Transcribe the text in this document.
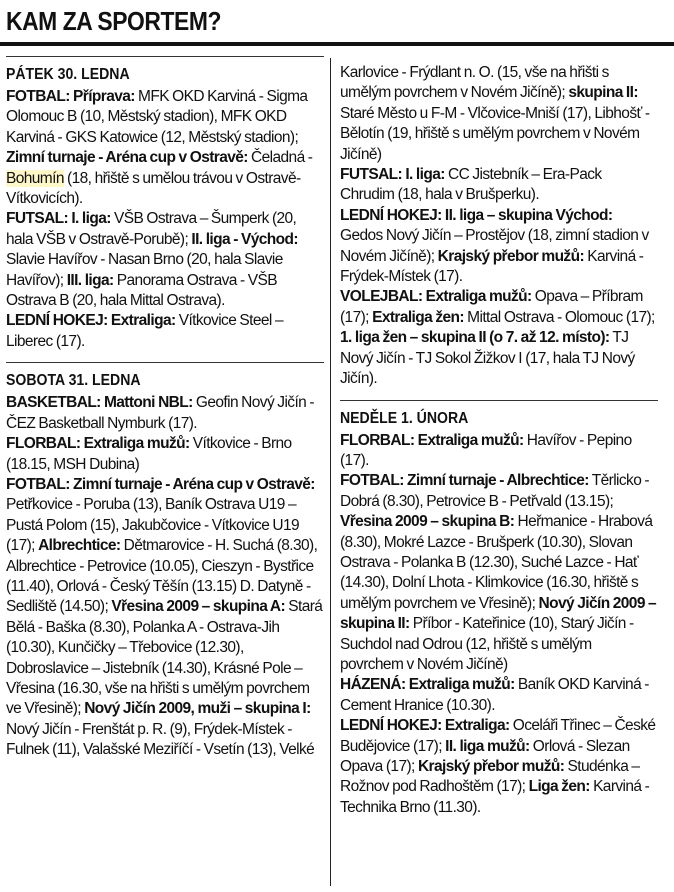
KAM ZA SPORTEM?
PÁTEK 30. LEDNA

FOTBAL: Příprava: MFK OKD Karviná - Sigma Olomouc B (10, Městský stadion), MFK OKD Karviná - GKS Katowice (12, Městský stadion); Zimní turnaje - Aréna cup v Ostravě: Čeladná - Bohumín (18, hřiště s umělou trávou v Ostravě-Vítkovicích).

FUTSAL: I. liga: VŠB Ostrava – Šumperk (20, hala VŠB v Ostravě-Porubě); II. liga - Východ: Slavie Havířov - Nasan Brno (20, hala Slavie Havířov); III. liga: Panorama Ostrava - VŠB Ostrava B (20, hala Mittal Ostrava).

LEDNÍ HOKEJ: Extraliga: Vítkovice Steel – Liberec (17).

SOBOTA 31. LEDNA

BASKETBAL: Mattoni NBL: Geofin Nový Jičín - ČEZ Basketball Nymburk (17).

FLORBAL: Extraliga mužů: Vítkovice - Brno (18.15, MSH Dubina)

FOTBAL: Zimní turnaje - Aréna cup v Ostravě: Petřkovice - Poruba (13), Baník Ostrava U19 – Pustá Polom (15), Jakubčovice - Vítkovice U19 (17); Albrechtice: Dětmarovice - H. Suchá (8.30), Albrechtice - Petrovice (10.05), Cieszyn - Bystřice (11.40), Orlová - Český Těšín (13.15) D. Datyně - Sedliště (14.50); Vřesina 2009 – skupina A: Stará Bělá - Baška (8.30), Polanka A - Ostrava-Jih (10.30), Kunčičky – Třebovice (12.30), Dobroslavice – Jistebník (14.30), Krásné Pole – Vřesina (16.30, vše na hřišti s umělým povrchem ve Vřesině); Nový Jičín 2009, muži – skupina I: Nový Jičín - Frenštát p. R. (9), Frýdek-Místek - Fulnek (11), Valašské Meziříčí - Vsetín (13), Velké

Karlovice - Frýdlant n. O. (15, vše na hřišti s umělým povrchem v Novém Jičíně); skupina II: Staré Město u F-M - Vlčovice-Mniší (17), Libhošť - Bělotín (19, hřiště s umělým povrchem v Novém Jičíně)

FUTSAL: I. liga: CC Jistebník – Era-Pack Chrudim (18, hala v Brušperku).

LEDNÍ HOKEJ: II. liga – skupina Východ: Gedos Nový Jičín – Prostějov (18, zimní stadion v Novém Jičíně); Krajský přebor mužů: Karviná - Frýdek-Místek (17).

VOLEJBAL: Extraliga mužů: Opava – Příbram (17); Extraliga žen: Mittal Ostrava - Olomouc (17); 1. liga žen – skupina II (o 7. až 12. místo): TJ Nový Jičín - TJ Sokol Žižkov I (17, hala TJ Nový Jičín).

NEDĚLE 1. ÚNORA

FLORBAL: Extraliga mužů: Havířov - Pepino (17).

FOTBAL: Zimní turnaje - Albrechtice: Těrlicko - Dobrá (8.30), Petrovice B - Petřvald (13.15); Vřesina 2009 – skupina B: Heřmanice - Hrabová (8.30), Mokré Lazce - Brušperk (10.30), Slovan Ostrava - Polanka B (12.30), Suché Lazce - Hať (14.30), Dolní Lhota - Klimkovice (16.30, hřiště s umělým povrchem ve Vřesině); Nový Jičín 2009 – skupina II: Příbor - Kateřinice (10), Starý Jičín - Suchdol nad Odrou (12, hřiště s umělým povrchem v Novém Jičíně)

HÁZENÁ: Extraliga mužů: Baník OKD Karviná - Cement Hranice (10.30).

LEDNÍ HOKEJ: Extraliga: Oceláři Třinec – České Budějovice (17); II. liga mužů: Orlová - Slezan Opava (17); Krajský přebor mužů: Studénka – Rožnov pod Radhoštěm (17); Liga žen: Karviná - Technika Brno (11.30).
